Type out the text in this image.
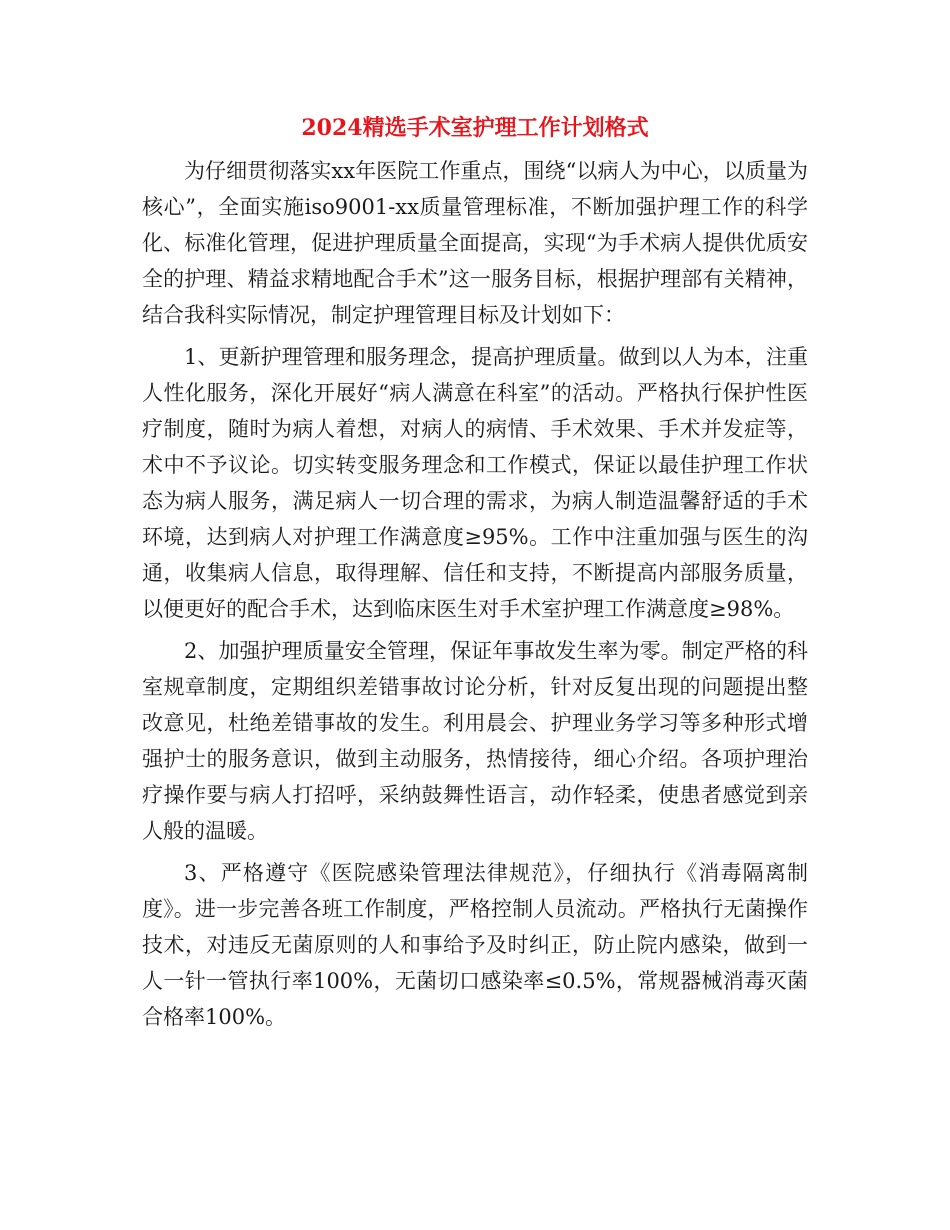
2024精选手术室护理工作计划格式

为仔细贯彻落实xx年医院工作重点，围绕“以病人为中心，以质量为核心”，全面实施iso9001-xx质量管理标准，不断加强护理工作的科学化、标准化管理，促进护理质量全面提高，实现“为手术病人提供优质安全的护理、精益求精地配合手术”这一服务目标，根据护理部有关精神，结合我科实际情况，制定护理管理目标及计划如下：

1、更新护理管理和服务理念，提高护理质量。做到以人为本，注重人性化服务，深化开展好“病人满意在科室”的活动。严格执行保护性医疗制度，随时为病人着想，对病人的病情、手术效果、手术并发症等，术中不予议论。切实转变服务理念和工作模式，保证以最佳护理工作状态为病人服务，满足病人一切合理的需求，为病人制造温馨舒适的手术环境，达到病人对护理工作满意度≥95%。工作中注重加强与医生的沟通，收集病人信息，取得理解、信任和支持，不断提高内部服务质量，以便更好的配合手术，达到临床医生对手术室护理工作满意度≥98%。

2、加强护理质量安全管理，保证年事故发生率为零。制定严格的科室规章制度，定期组织差错事故讨论分析，针对反复出现的问题提出整改意见，杜绝差错事故的发生。利用晨会、护理业务学习等多种形式增强护士的服务意识，做到主动服务，热情接待，细心介绍。各项护理治疗操作要与病人打招呼，采纳鼓舞性语言，动作轻柔，使患者感觉到亲人般的温暖。

3、严格遵守《医院感染管理法律规范》，仔细执行《消毒隔离制度》。进一步完善各班工作制度，严格控制人员流动。严格执行无菌操作技术，对违反无菌原则的人和事给予及时纠正，防止院内感染，做到一人一针一管执行率100%，无菌切口感染率≤0.5%，常规器械消毒灭菌合格率100%。
